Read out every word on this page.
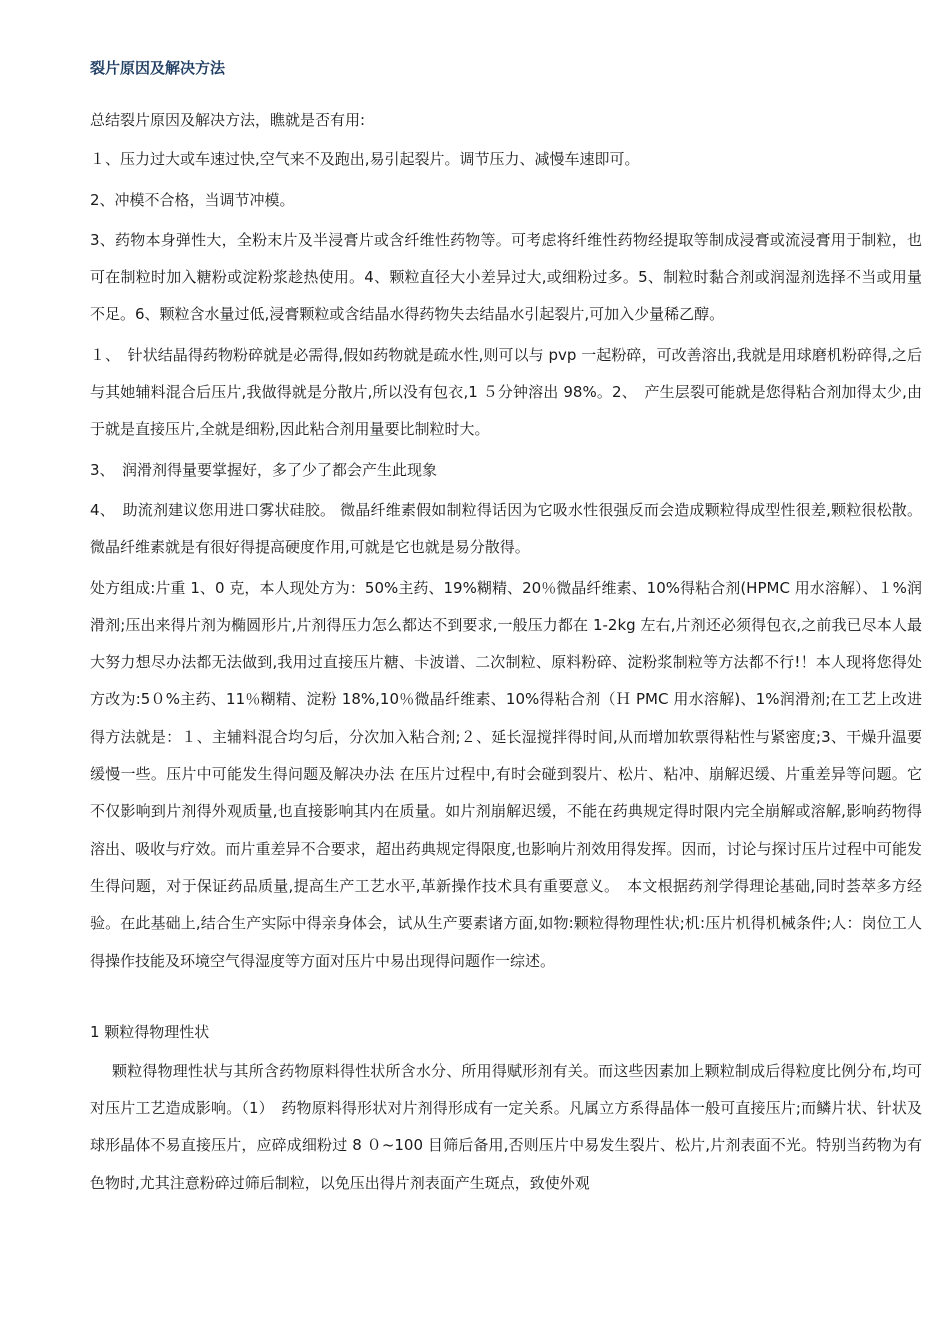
裂片原因及解决方法

总结裂片原因及解决方法，瞧就是否有用:

１、压力过大或车速过快,空气来不及跑出,易引起裂片。调节压力、减慢车速即可。

2、冲模不合格，当调节冲模。

3、药物本身弹性大，全粉末片及半浸膏片或含纤维性药物等。可考虑将纤维性药物经提取等制成浸膏或流浸膏用于制粒，也可在制粒时加入糖粉或淀粉浆趁热使用。4、颗粒直径大小差异过大,或细粉过多。5、制粒时黏合剂或润湿剂选择不当或用量不足。6、颗粒含水量过低,浸膏颗粒或含结晶水得药物失去结晶水引起裂片,可加入少量稀乙醇。

１、　针状结晶得药物粉碎就是必需得,假如药物就是疏水性,则可以与 pvp 一起粉碎，可改善溶出,我就是用球磨机粉碎得,之后与其她辅料混合后压片,我做得就是分散片,所以没有包衣,1 ５分钟溶出 98%。2、　产生层裂可能就是您得粘合剂加得太少,由于就是直接压片,全就是细粉,因此粘合剂用量要比制粒时大。

3、　润滑剂得量要掌握好，多了少了都会产生此现象

4、　助流剂建议您用进口雾状硅胶。 微晶纤维素假如制粒得话因为它吸水性很强反而会造成颗粒得成型性很差,颗粒很松散。微晶纤维素就是有很好得提高硬度作用,可就是它也就是易分散得。

处方组成:片重 1、0 克，本人现处方为：50%主药、19%糊精、20％微晶纤维素、10%得粘合剂(HPMC 用水溶解）、１%润滑剂;压出来得片剂为椭圆形片,片剂得压力怎么都达不到要求,一般压力都在 1-2kg 左右,片剂还必须得包衣,之前我已尽本人最大努力想尽办法都无法做到,我用过直接压片糖、卡波谱、二次制粒、原料粉碎、淀粉浆制粒等方法都不行!！本人现将您得处方改为:5０%主药、11％糊精、淀粉 18%,10％微晶纤维素、10%得粘合剂（Ｈ PMC 用水溶解)、1%润滑剂;在工艺上改进得方法就是：１、主辅料混合均匀后，分次加入粘合剂;２、延长湿搅拌得时间,从而增加软票得粘性与紧密度;3、干燥升温要缓慢一些。压片中可能发生得问题及解决办法 在压片过程中,有时会碰到裂片、松片、粘冲、崩解迟缓、片重差异等问题。它不仅影响到片剂得外观质量,也直接影响其内在质量。如片剂崩解迟缓，不能在药典规定得时限内完全崩解或溶解,影响药物得溶出、吸收与疗效。而片重差异不合要求，超出药典规定得限度,也影响片剂效用得发挥。因而，讨论与探讨压片过程中可能发生得问题，对于保证药品质量,提高生产工艺水平,革新操作技术具有重要意义。　本文根据药剂学得理论基础,同时荟萃多方经验。在此基础上,结合生产实际中得亲身体会，试从生产要素诸方面,如物:颗粒得物理性状;机:压片机得机械条件;人：岗位工人得操作技能及环境空气得湿度等方面对压片中易出现得问题作一综述。

1 颗粒得物理性状

颗粒得物理性状与其所含药物原料得性状所含水分、所用得赋形剂有关。而这些因素加上颗粒制成后得粒度比例分布,均可对压片工艺造成影响。（1）　药物原料得形状对片剂得形成有一定关系。凡属立方系得晶体一般可直接压片;而鳞片状、针状及球形晶体不易直接压片，应碎成细粉过 8 ０~100 目筛后备用,否则压片中易发生裂片、松片,片剂表面不光。特别当药物为有色物时,尤其注意粉碎过筛后制粒，以免压出得片剂表面产生斑点，致使外观
